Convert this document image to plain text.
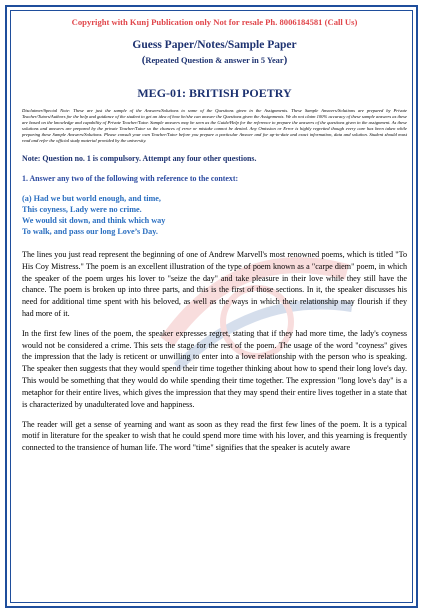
Copyright with Kunj Publication only Not for resale Ph. 8006184581 (Call Us)
Guess Paper/Notes/Sample Paper
(Repeated Question & answer in 5 Year)
MEG-01: BRITISH POETRY
Disclaimer/Special Note: These are just the sample of the Answers/Solutions to some of the Questions given in the Assignments. These Sample Answers/Solutions are prepared by Private Teacher/Tutors/Authors for the help and guidance of the student to get an idea of how he/she can answer the Questions given the Assignments. We do not claim 100% accuracy of these sample answers as these are based on the knowledge and capability of Private Teacher/Tutor. Sample answers may be seen as the Guide/Help for the reference to prepare the answers of the questions given in the assignment. As these solutions and answers are prepared by the private Teacher/Tutor so the chances of error or mistake cannot be denied. Any Omission or Error is highly regretted though every care has been taken while preparing these Sample Answers/Solutions. Please consult your own Teacher/Tutor before you prepare a particular Answer and for up-to-date and exact information, data and solution. Student should must read and refer the official study material provided by the university.
Note: Question no. 1 is compulsory. Attempt any four other questions.
1. Answer any two of the following with reference to the context:
(a) Had we but world enough, and time,
This coyness, Lady were no crime.
We would sit down, and think which way
To walk, and pass our long Love’s Day.

The lines you just read represent the beginning of one of Andrew Marvell's most renowned poems, which is titled "To His Coy Mistress." The poem is an excellent illustration of the type of poem known as a "carpe diem" poem, in which the speaker of the poem urges his lover to "seize the day" and take pleasure in their love while they still have the chance. The poem is broken up into three parts, and this is the first of those sections. In it, the speaker discusses his need for additional time spent with his beloved, as well as the ways in which their relationship may flourish if they had more of it.

In the first few lines of the poem, the speaker expresses regret, stating that if they had more time, the lady's coyness would not be considered a crime. This sets the stage for the rest of the poem. The usage of the word "coyness" gives the impression that the lady is reticent or unwilling to enter into a love relationship with the person who is speaking. The speaker then suggests that they would spend their time together thinking about how to spend their long love's day. This would be something that they would do while spending their time together. The expression "long love's day" is a metaphor for their entire lives, which gives the impression that they may spend their entire lives together in a state that is characterized by unadulterated love and happiness.

The reader will get a sense of yearning and want as soon as they read the first few lines of the poem. It is a typical motif in literature for the speaker to wish that he could spend more time with his lover, and this yearning is frequently connected to the transience of human life. The word "time" signifies that the speaker is acutely aware
